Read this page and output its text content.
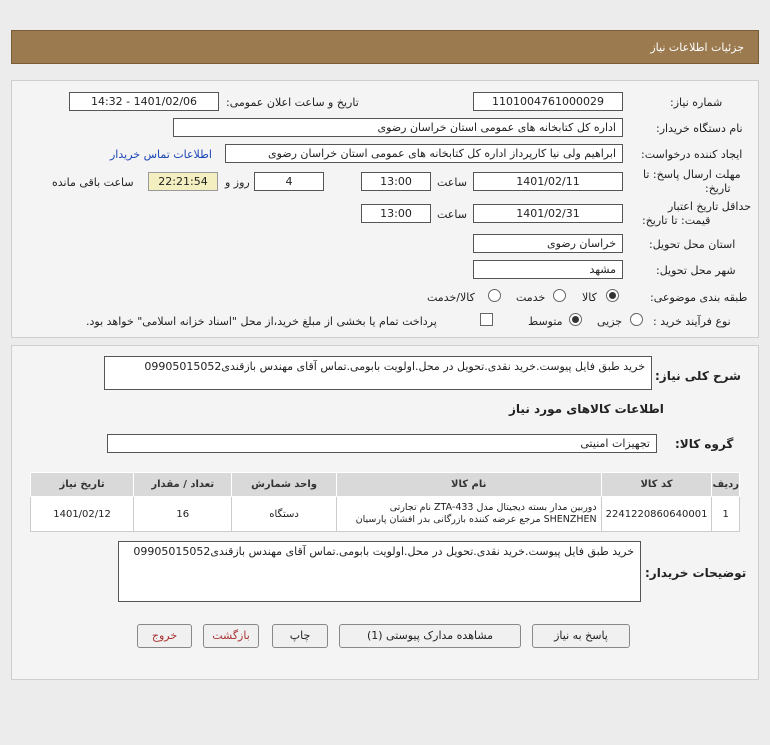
جزئیات اطلاعات نیاز
شماره نیاز:
1101004761000029
تاریخ و ساعت اعلان عمومی:
1401/02/06 - 14:32
نام دستگاه خریدار:
اداره کل کتابخانه های عمومی استان خراسان رضوی
ایجاد کننده درخواست:
ابراهیم ولی نیا کارپرداز اداره کل کتابخانه های عمومی استان خراسان رضوی
اطلاعات تماس خریدار
مهلت ارسال پاسخ: تا
تاریخ:
1401/02/11
ساعت
13:00
4
روز و
22:21:54
ساعت باقی مانده
حداقل تاریخ اعتبار
قیمت: تا تاریخ:
1401/02/31
ساعت
13:00
استان محل تحویل:
خراسان رضوی
شهر محل تحویل:
مشهد
طبقه بندی موضوعی:
کالا
خدمت
کالا/خدمت
نوع فرآیند خرید :
جزیی
متوسط
پرداخت تمام یا بخشی از مبلغ خرید،از محل "اسناد خزانه اسلامی" خواهد بود.
شرح کلی نیاز:
خرید طبق فایل پیوست.خرید نقدی.تحویل در محل.اولویت بابومی.تماس آقای مهندس بازقندی09905015052
اطلاعات کالاهای مورد نیاز
گروه کالا:
تجهیزات امنیتی
ردیف	کد کالا	نام کالا	واحد شمارش	تعداد / مقدار	تاریخ نیاز
1	2241220860640001	دوربین مدار بسته دیجیتال مدل ZTA-433 نام تجارتی SHENZHEN مرجع عرضه کننده بازرگانی بدر افشان پارسیان	دستگاه	16	1401/02/12
توضیحات خریدار:
خرید طبق فایل پیوست.خرید نقدی.تحویل در محل.اولویت بابومی.تماس آقای مهندس بازقندی09905015052
پاسخ به نیاز
مشاهده مدارک پیوستی (1)
چاپ
بازگشت
خروج
